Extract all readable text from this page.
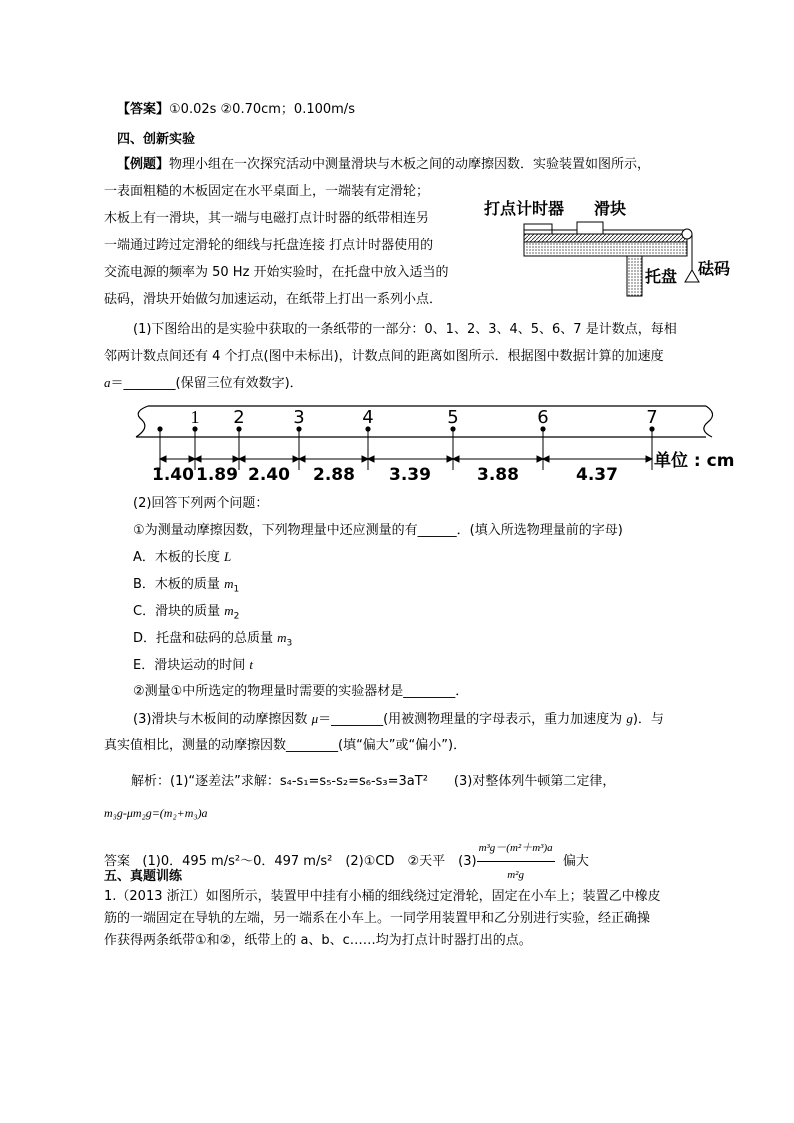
【答案】①0.02s ②0.70cm；0.100m/s
四、创新实验
【例题】物理小组在一次探究活动中测量滑块与木板之间的动摩擦因数．实验装置如图所示，
一表面粗糙的木板固定在水平桌面上，一端装有定滑轮；
木板上有一滑块，其一端与电磁打点计时器的纸带相连另
一端通过跨过定滑轮的细线与托盘连接 打点计时器使用的
交流电源的频率为 50 Hz 开始实验时，在托盘中放入适当的
砝码，滑块开始做匀加速运动，在纸带上打出一系列小点．
打点计时器 滑块
托盘 砝码
(1)下图给出的是实验中获取的一条纸带的一部分：0、1、2、3、4、5、6、7 是计数点，每相
邻两计数点间还有 4 个打点(图中未标出)，计数点间的距离如图所示．根据图中数据计算的加速度
a＝________(保留三位有效数字)．
1 2	3	4	5	6	7
1.40 1.89 2.40 2.88 3.39	3.88	4.37
单位 : cm
(2)回答下列两个问题：
①为测量动摩擦因数，下列物理量中还应测量的有______．(填入所选物理量前的字母)
A．木板的长度 L
B．木板的质量 $m_1$
C．滑块的质量 $m_2$
D．托盘和砝码的总质量 $m_3$
E．滑块运动的时间 t
②测量①中所选定的物理量时需要的实验器材是________．
(3)滑块与木板间的动摩擦因数 μ＝________(用被测物理量的字母表示，重力加速度为 g)．与
真实值相比，测量的动摩擦因数________(填“偏大”或“偏小”)．
解析：(1)“逐差法”求解：s₄-s₁=s₅-s₂=s₆-s₃=3aT²　　(3)对整体列牛顿第二定律，
m₃g-μm₂g=(m₂+m₃)a
答案 (1)0．495 m/s²～0．497 m/s²　(2)①CD　②天平　$(3) \frac{\text{m³g－(m²＋m³)a}}{\text{m²g}}$ 偏大
五、真题训练
1.（2013 浙江）如图所示，装置甲中挂有小桶的细线绕过定滑轮，固定在小车上；装置乙中橡皮
筋的一端固定在导轨的左端，另一端系在小车上。一同学用装置甲和乙分别进行实验，经正确操
作获得两条纸带①和②，纸带上的 a、b、c……均为打点计时器打出的点。
